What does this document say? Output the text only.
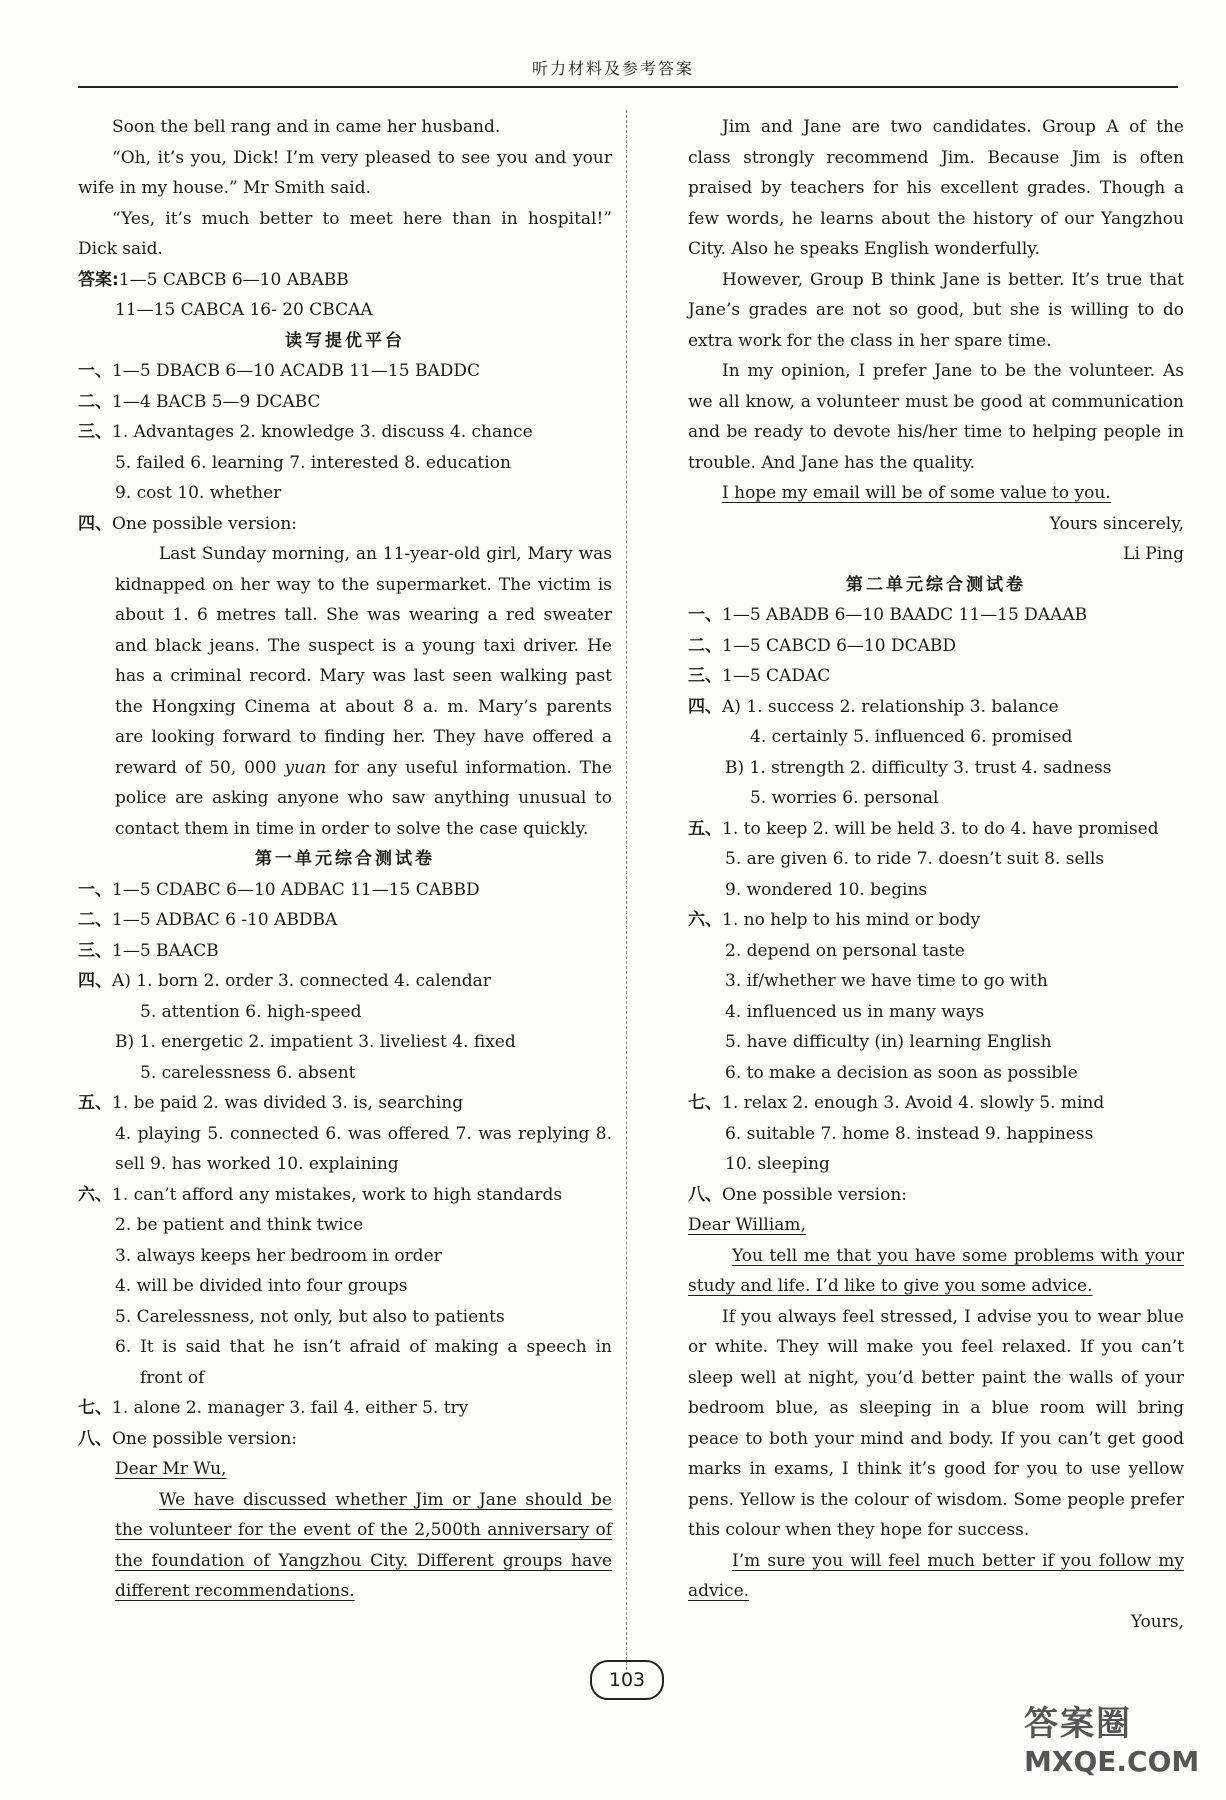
听力材料及参考答案

Soon the bell rang and in came her husband.

“Oh, it’s you, Dick! I’m very pleased to see you and your wife in my house.” Mr Smith said.

“Yes, it’s much better to meet here than in hospital!” Dick said.

答案:1—5 CABCB 6—10 ABABB

11—15 CABCA 16- 20 CBCAA

读写提优平台

一、1—5 DBACB 6—10 ACADB 11—15 BADDC

二、1—4 BACB 5—9 DCABC

三、1. Advantages 2. knowledge 3. discuss 4. chance

5. failed 6. learning 7. interested 8. education

9. cost 10. whether

四、One possible version:

Last Sunday morning, an 11-year-old girl, Mary was kidnapped on her way to the supermarket. The victim is about 1. 6 metres tall. She was wearing a red sweater and black jeans. The suspect is a young taxi driver. He has a criminal record. Mary was last seen walking past the Hongxing Cinema at about 8 a. m. Mary’s parents are looking forward to finding her. They have offered a reward of 50, 000 yuan for any useful information. The police are asking anyone who saw anything unusual to contact them in time in order to solve the case quickly.

第一单元综合测试卷

一、1—5 CDABC 6—10 ADBAC 11—15 CABBD

二、1—5 ADBAC 6 -10 ABDBA

三、1—5 BAACB

四、A) 1. born 2. order 3. connected 4. calendar

5. attention 6. high-speed

B) 1. energetic 2. impatient 3. liveliest 4. fixed

5. carelessness 6. absent

五、1. be paid 2. was divided 3. is, searching

4. playing 5. connected 6. was offered 7. was replying 8. sell 9. has worked 10. explaining

六、1. can’t afford any mistakes, work to high standards

2. be patient and think twice

3. always keeps her bedroom in order

4. will be divided into four groups

5. Carelessness, not only, but also to patients

6. It is said that he isn’t afraid of making a speech in front of

七、1. alone 2. manager 3. fail 4. either 5. try

八、One possible version:

Dear Mr Wu,

We have discussed whether Jim or Jane should be the volunteer for the event of the 2,500th anniversary of the foundation of Yangzhou City. Different groups have different recommendations.

Jim and Jane are two candidates. Group A of the class strongly recommend Jim. Because Jim is often praised by teachers for his excellent grades. Though a few words, he learns about the history of our Yangzhou City. Also he speaks English wonderfully.

However, Group B think Jane is better. It’s true that Jane’s grades are not so good, but she is willing to do extra work for the class in her spare time.

In my opinion, I prefer Jane to be the volunteer. As we all know, a volunteer must be good at communication and be ready to devote his/her time to helping people in trouble. And Jane has the quality.

I hope my email will be of some value to you.

Yours sincerely,

Li Ping

第二单元综合测试卷

一、1—5 ABADB 6—10 BAADC 11—15 DAAAB

二、1—5 CABCD 6—10 DCABD

三、1—5 CADAC

四、A) 1. success 2. relationship 3. balance

4. certainly 5. influenced 6. promised

B) 1. strength 2. difficulty 3. trust 4. sadness

5. worries 6. personal

五、1. to keep 2. will be held 3. to do 4. have promised

5. are given 6. to ride 7. doesn’t suit 8. sells

9. wondered 10. begins

六、1. no help to his mind or body

2. depend on personal taste

3. if/whether we have time to go with

4. influenced us in many ways

5. have difficulty (in) learning English

6. to make a decision as soon as possible

七、1. relax 2. enough 3. Avoid 4. slowly 5. mind

6. suitable 7. home 8. instead 9. happiness

10. sleeping

八、One possible version:

Dear William,

You tell me that you have some problems with your study and life. I’d like to give you some advice.

If you always feel stressed, I advise you to wear blue or white. They will make you feel relaxed. If you can’t sleep well at night, you’d better paint the walls of your bedroom blue, as sleeping in a blue room will bring peace to both your mind and body. If you can’t get good marks in exams, I think it’s good for you to use yellow pens. Yellow is the colour of wisdom. Some people prefer this colour when they hope for success.

I’m sure you will feel much better if you follow my advice.

Yours,

103
答案圈
MXQE.COM
